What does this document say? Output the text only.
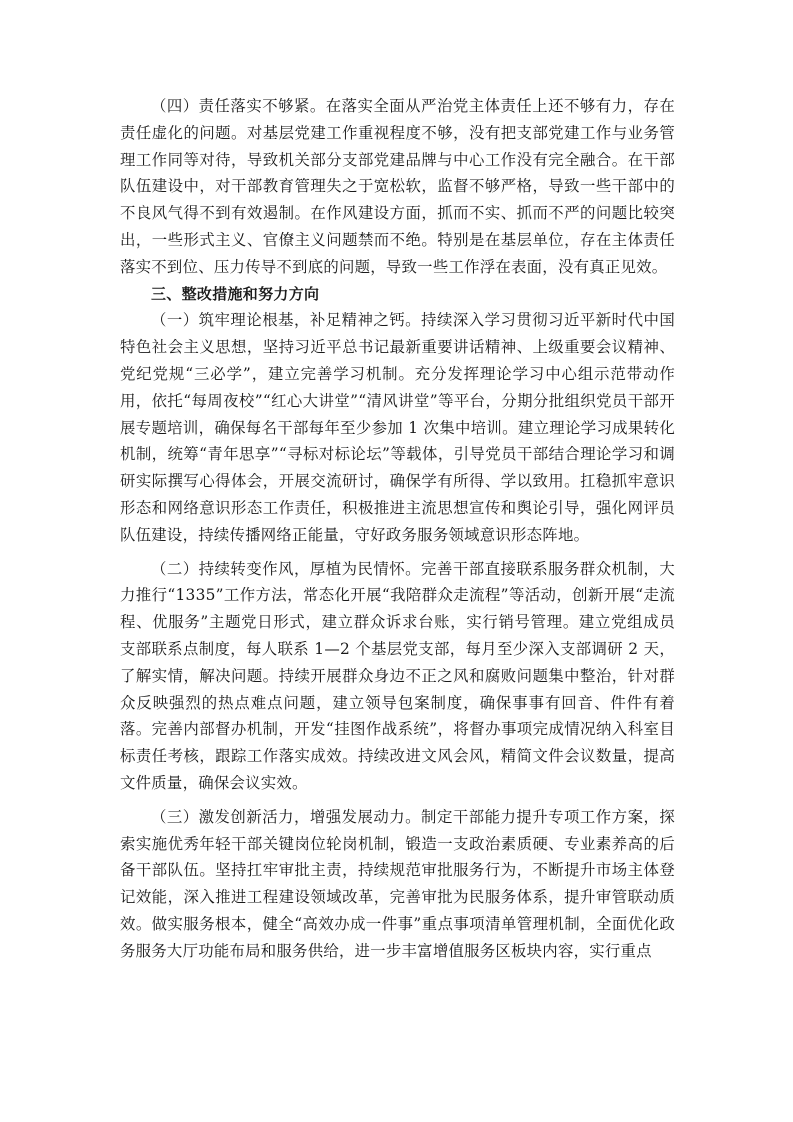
（四）责任落实不够紧。在落实全面从严治党主体责任上还不够有力，存在责任虚化的问题。对基层党建工作重视程度不够，没有把支部党建工作与业务管理工作同等对待，导致机关部分支部党建品牌与中心工作没有完全融合。在干部队伍建设中，对干部教育管理失之于宽松软，监督不够严格，导致一些干部中的不良风气得不到有效遏制。在作风建设方面，抓而不实、抓而不严的问题比较突出，一些形式主义、官僚主义问题禁而不绝。特别是在基层单位，存在主体责任落实不到位、压力传导不到底的问题，导致一些工作浮在表面，没有真正见效。

三、整改措施和努力方向

（一）筑牢理论根基，补足精神之钙。持续深入学习贯彻习近平新时代中国特色社会主义思想，坚持习近平总书记最新重要讲话精神、上级重要会议精神、党纪党规“三必学”，建立完善学习机制。充分发挥理论学习中心组示范带动作用，依托“每周夜校”“红心大讲堂”“清风讲堂”等平台，分期分批组织党员干部开展专题培训，确保每名干部每年至少参加 1 次集中培训。建立理论学习成果转化机制，统筹“青年思享”“寻标对标论坛”等载体，引导党员干部结合理论学习和调研实际撰写心得体会，开展交流研讨，确保学有所得、学以致用。扛稳抓牢意识形态和网络意识形态工作责任，积极推进主流思想宣传和舆论引导，强化网评员队伍建设，持续传播网络正能量，守好政务服务领域意识形态阵地。

（二）持续转变作风，厚植为民情怀。完善干部直接联系服务群众机制，大力推行“1335”工作方法，常态化开展“我陪群众走流程”等活动，创新开展“走流程、优服务”主题党日形式，建立群众诉求台账，实行销号管理。建立党组成员支部联系点制度，每人联系 1—2 个基层党支部，每月至少深入支部调研 2 天，了解实情，解决问题。持续开展群众身边不正之风和腐败问题集中整治，针对群众反映强烈的热点难点问题，建立领导包案制度，确保事事有回音、件件有着落。完善内部督办机制，开发“挂图作战系统”，将督办事项完成情况纳入科室目标责任考核，跟踪工作落实成效。持续改进文风会风，精简文件会议数量，提高文件质量，确保会议实效。

（三）激发创新活力，增强发展动力。制定干部能力提升专项工作方案，探索实施优秀年轻干部关键岗位轮岗机制，锻造一支政治素质硬、专业素养高的后备干部队伍。坚持扛牢审批主责，持续规范审批服务行为，不断提升市场主体登记效能，深入推进工程建设领域改革，完善审批为民服务体系，提升审管联动质效。做实服务根本，健全“高效办成一件事”重点事项清单管理机制，全面优化政务服务大厅功能布局和服务供给，进一步丰富增值服务区板块内容，实行重点
